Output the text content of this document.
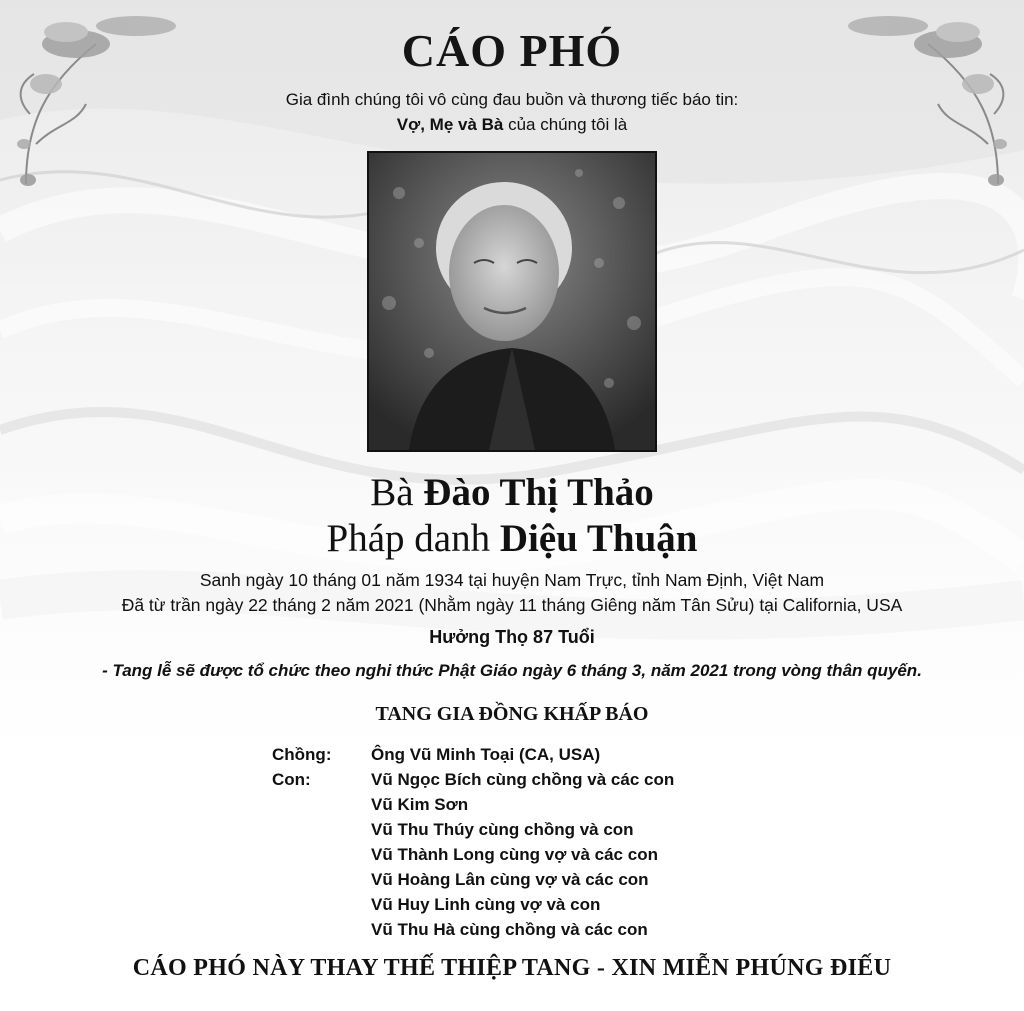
CÁO PHÓ
Gia đình chúng tôi vô cùng đau buồn và thương tiếc báo tin:
Vợ, Mẹ và Bà của chúng tôi là
Bà Đào Thị Thảo
Pháp danh Diệu Thuận
Sanh ngày 10 tháng 01 năm 1934 tại huyện Nam Trực, tỉnh Nam Định, Việt Nam
Đã từ trần ngày 22 tháng 2 năm 2021 (Nhằm ngày 11 tháng Giêng năm Tân Sửu) tại California, USA
Hưởng Thọ 87 Tuổi
- Tang lễ sẽ được tổ chức theo nghi thức Phật Giáo ngày 6 tháng 3, năm 2021 trong vòng thân quyến.
TANG GIA ĐỒNG KHẤP BÁO
Chồng:	Ông Vũ Minh Toại (CA, USA)
Con:	Vũ Ngọc Bích cùng chồng và các con
Vũ Kim Sơn
Vũ Thu Thúy cùng chồng và con
Vũ Thành Long cùng vợ và các con
Vũ Hoàng Lân cùng vợ và các con
Vũ Huy Linh cùng vợ và con
Vũ Thu Hà cùng chồng và các con
CÁO PHÓ NÀY THAY THẾ THIỆP TANG - XIN MIỄN PHÚNG ĐIẾU
